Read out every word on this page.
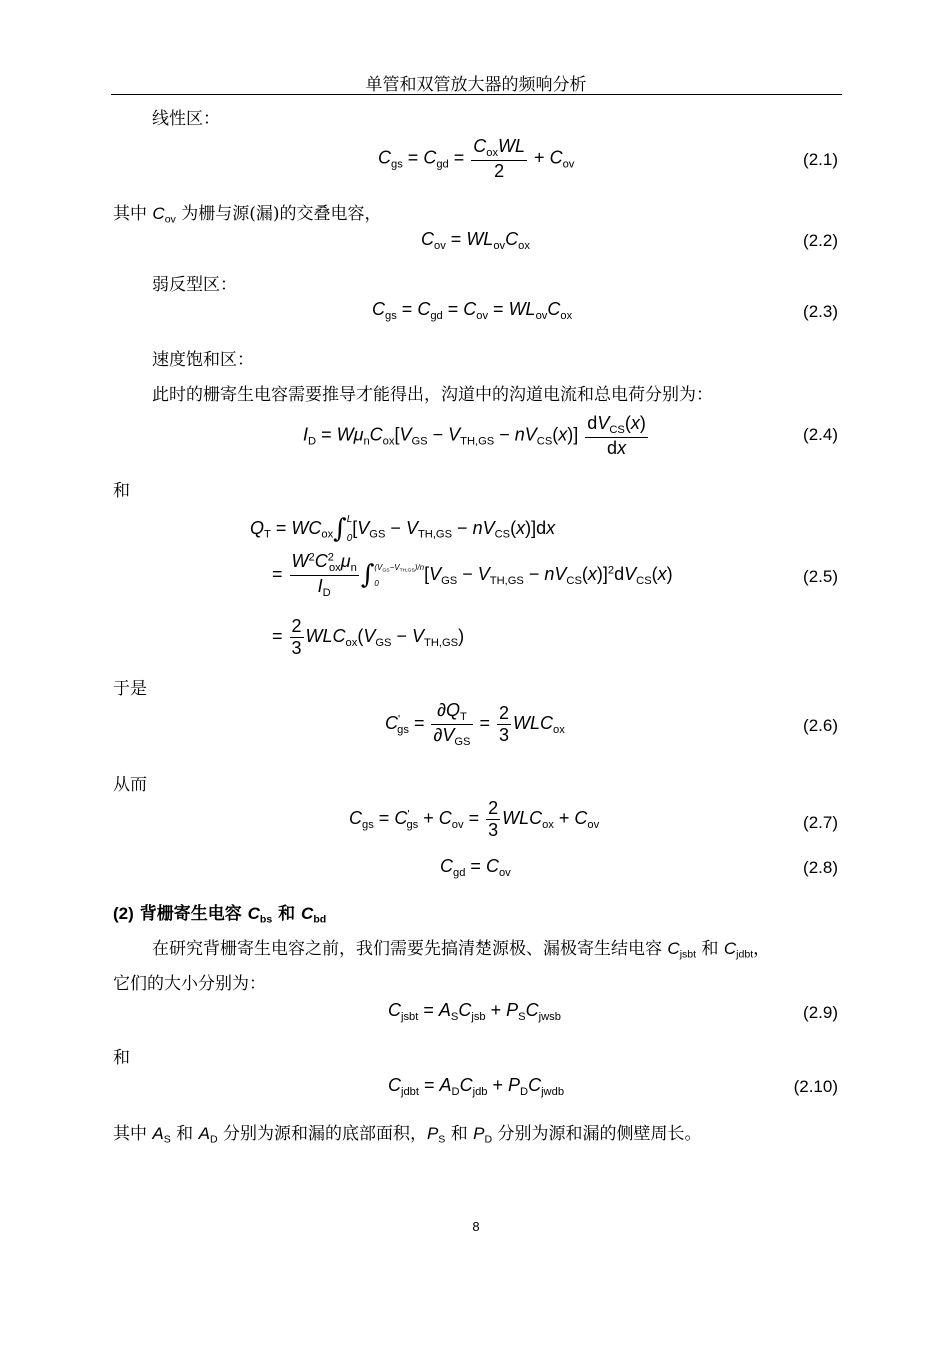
单管和双管放大器的频响分析
线性区：
$C_{gs} = C_{gd} = \frac{C_{ox}WL}{2} + C_{ov}$	(2.1)
其中 $C_{ov}$ 为栅与源(漏)的交叠电容，
$C_{ov} = WL_{ov}C_{ox}$	(2.2)
弱反型区：
$C_{gs} = C_{gd} = C_{ov} = WL_{ov}C_{ox}$	(2.3)
速度饱和区：
此时的栅寄生电容需要推导才能得出，沟道中的沟道电流和总电荷分别为：
$I_D = W\mu_nC_{ox}[V_{GS} - V_{TH,GS} - nV_{CS}(x)] \frac{dV_{CS}(x)}{dx}$	(2.4)
和
$Q_T = WC_{ox}\int L$
$0[V_{GS} - V_{TH,GS} - nV_{CS}(x)]dx$
= $\frac{W^2C^2_{ox}\mu_n}{I_D} \int(V_{GS}-V_{TH,GS})/n$
0	$[V_{GS} - V_{TH,GS} - nV_{CS}(x)]^2dV_{CS}(x)$	(2.5)
= $\frac{2}{3} WLC_{ox}(V_{GS} - V_{TH,GS})$
于是
$C'_{gs} = \frac{\partial Q_T}{\partial V_{GS}} = \frac{2}{3} WLC_{ox}$	(2.6)
从而
$C_{gs} = C'_{gs} + C_{ov} = \frac{2}{3} WLC_{ox} + C_{ov}$	(2.7)
$C_{gd} = C_{ov}$	(2.8)
(2) 背栅寄生电容 $C_{bs}$ 和 $C_{bd}$
在研究背栅寄生电容之前，我们需要先搞清楚源极、漏极寄生结电容 $C_{jsbt}$ 和 $C_{jdbt}$，
它们的大小分别为：
$C_{jsbt} = A_SC_{jsb} + P_SC_{jwsb}$	(2.9)
和
$C_{jdbt} = A_DC_{jdb} + P_DC_{jwdb}$	(2.10)
其中 $A_S$ 和 $A_D$ 分别为源和漏的底部面积，$P_S$ 和 $P_D$ 分别为源和漏的侧壁周长。
8
